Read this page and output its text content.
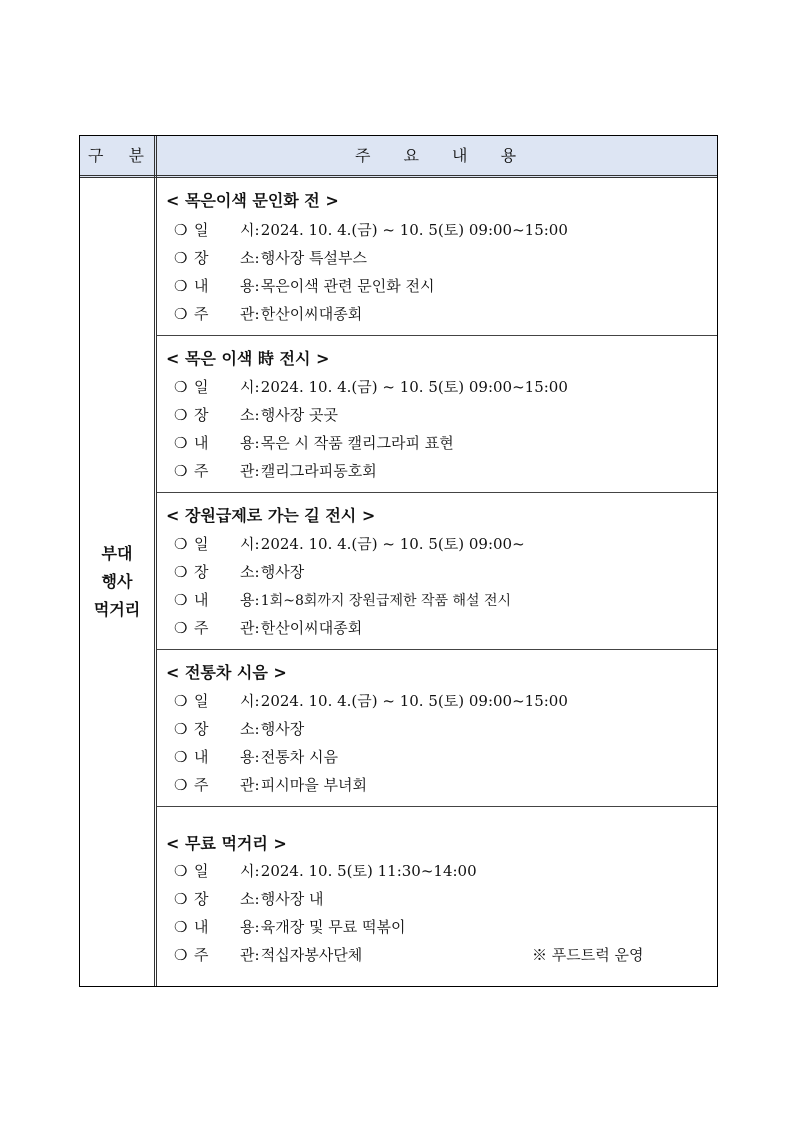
구 분	주 요 내 용
부대
행사
먹거리
< 목은이색 문인화 전 >
❍ 일 시: 2024. 10. 4.(금) ~ 10. 5(토) 09:00~15:00
❍ 장 소: 행사장 특설부스
❍ 내 용: 목은이색 관련 문인화 전시
❍ 주 관: 한산이씨대종회
< 목은 이색 時 전시 >
❍ 일 시: 2024. 10. 4.(금) ~ 10. 5(토) 09:00~15:00
❍ 장 소: 행사장 곳곳
❍ 내 용: 목은 시 작품 캘리그라피 표현
❍ 주 관: 캘리그라피동호회
< 장원급제로 가는 길 전시 >
❍ 일 시: 2024. 10. 4.(금) ~ 10. 5(토) 09:00~
❍ 장 소: 행사장
❍ 내 용: 1회~8회까지 장원급제한 작품 해설 전시
❍ 주 관: 한산이씨대종회
< 전통차 시음 >
❍ 일 시: 2024. 10. 4.(금) ~ 10. 5(토) 09:00~15:00
❍ 장 소: 행사장
❍ 내 용: 전통차 시음
❍ 주 관: 피시마을 부녀회
< 무료 먹거리 >
❍ 일 시: 2024. 10. 5(토) 11:30~14:00
❍ 장 소: 행사장 내
❍ 내 용: 육개장 및 무료 떡볶이
❍ 주 관: 적십자봉사단체	※ 푸드트럭 운영
